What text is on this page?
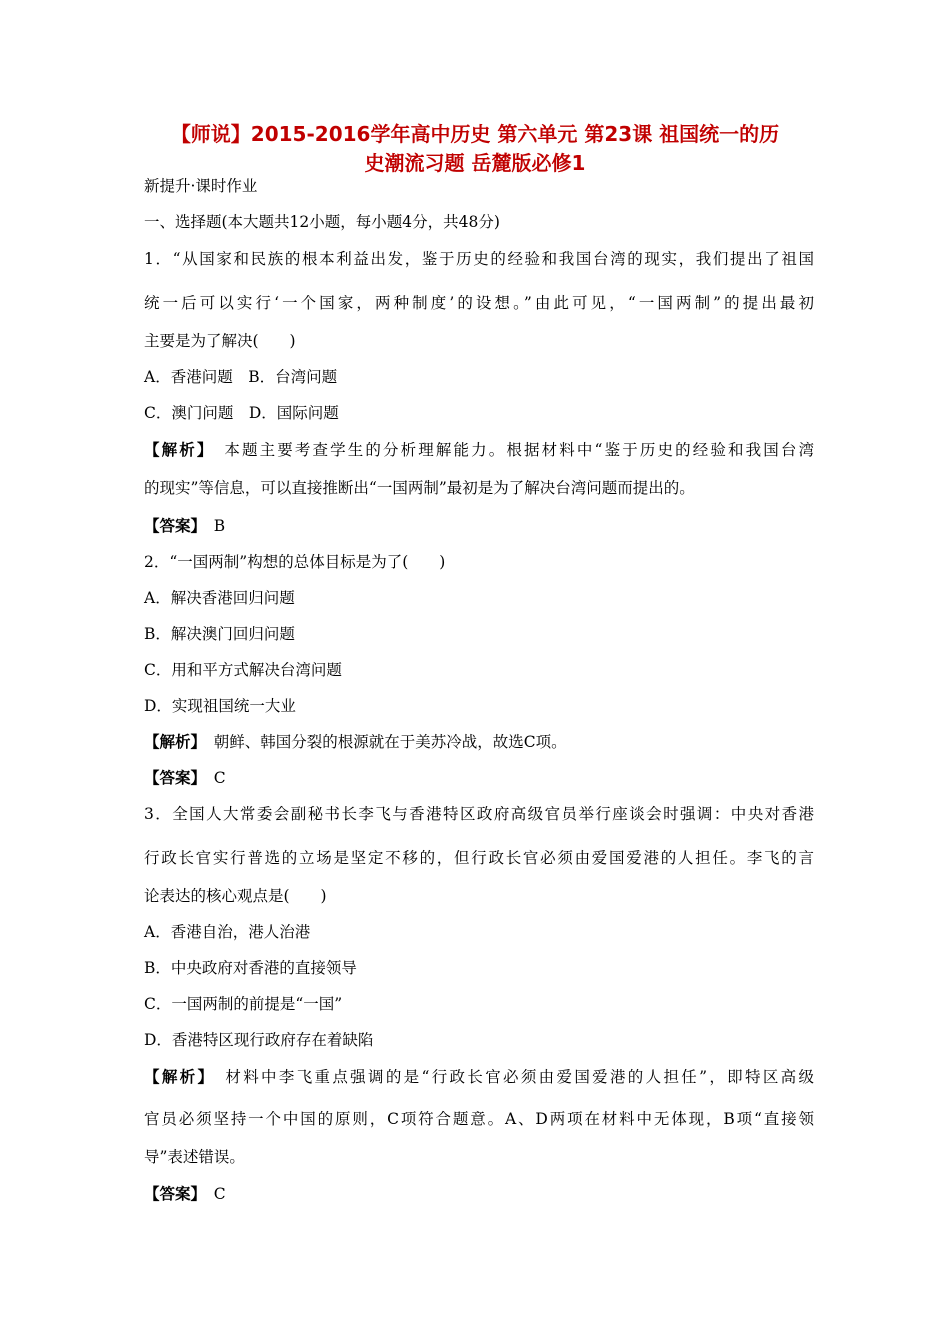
【师说】2015-2016学年高中历史 第六单元 第23课 祖国统一的历
史潮流习题 岳麓版必修1
新提升·课时作业
一、选择题(本大题共12小题，每小题4分，共48分)
1．“从国家和民族的根本利益出发，鉴于历史的经验和我国台湾的现实，我们提出了祖国
统一后可以实行‘一个国家，两种制度’的设想。”由此可见，“一国两制”的提出最初
主要是为了解决(　　)
A．香港问题　B．台湾问题
C．澳门问题　D．国际问题
【解析】　本题主要考查学生的分析理解能力。根据材料中“鉴于历史的经验和我国台湾
的现实”等信息，可以直接推断出“一国两制”最初是为了解决台湾问题而提出的。
【答案】　B
2．“一国两制”构想的总体目标是为了(　　)
A．解决香港回归问题
B．解决澳门回归问题
C．用和平方式解决台湾问题
D．实现祖国统一大业
【解析】　朝鲜、韩国分裂的根源就在于美苏冷战，故选C项。
【答案】　C
3．全国人大常委会副秘书长李飞与香港特区政府高级官员举行座谈会时强调：中央对香港
行政长官实行普选的立场是坚定不移的，但行政长官必须由爱国爱港的人担任。李飞的言
论表达的核心观点是(　　)
A．香港自治，港人治港
B．中央政府对香港的直接领导
C．一国两制的前提是“一国”
D．香港特区现行政府存在着缺陷
【解析】　材料中李飞重点强调的是“行政长官必须由爱国爱港的人担任”，即特区高级
官员必须坚持一个中国的原则，C项符合题意。A、D两项在材料中无体现，B项“直接领
导”表述错误。
【答案】　C
